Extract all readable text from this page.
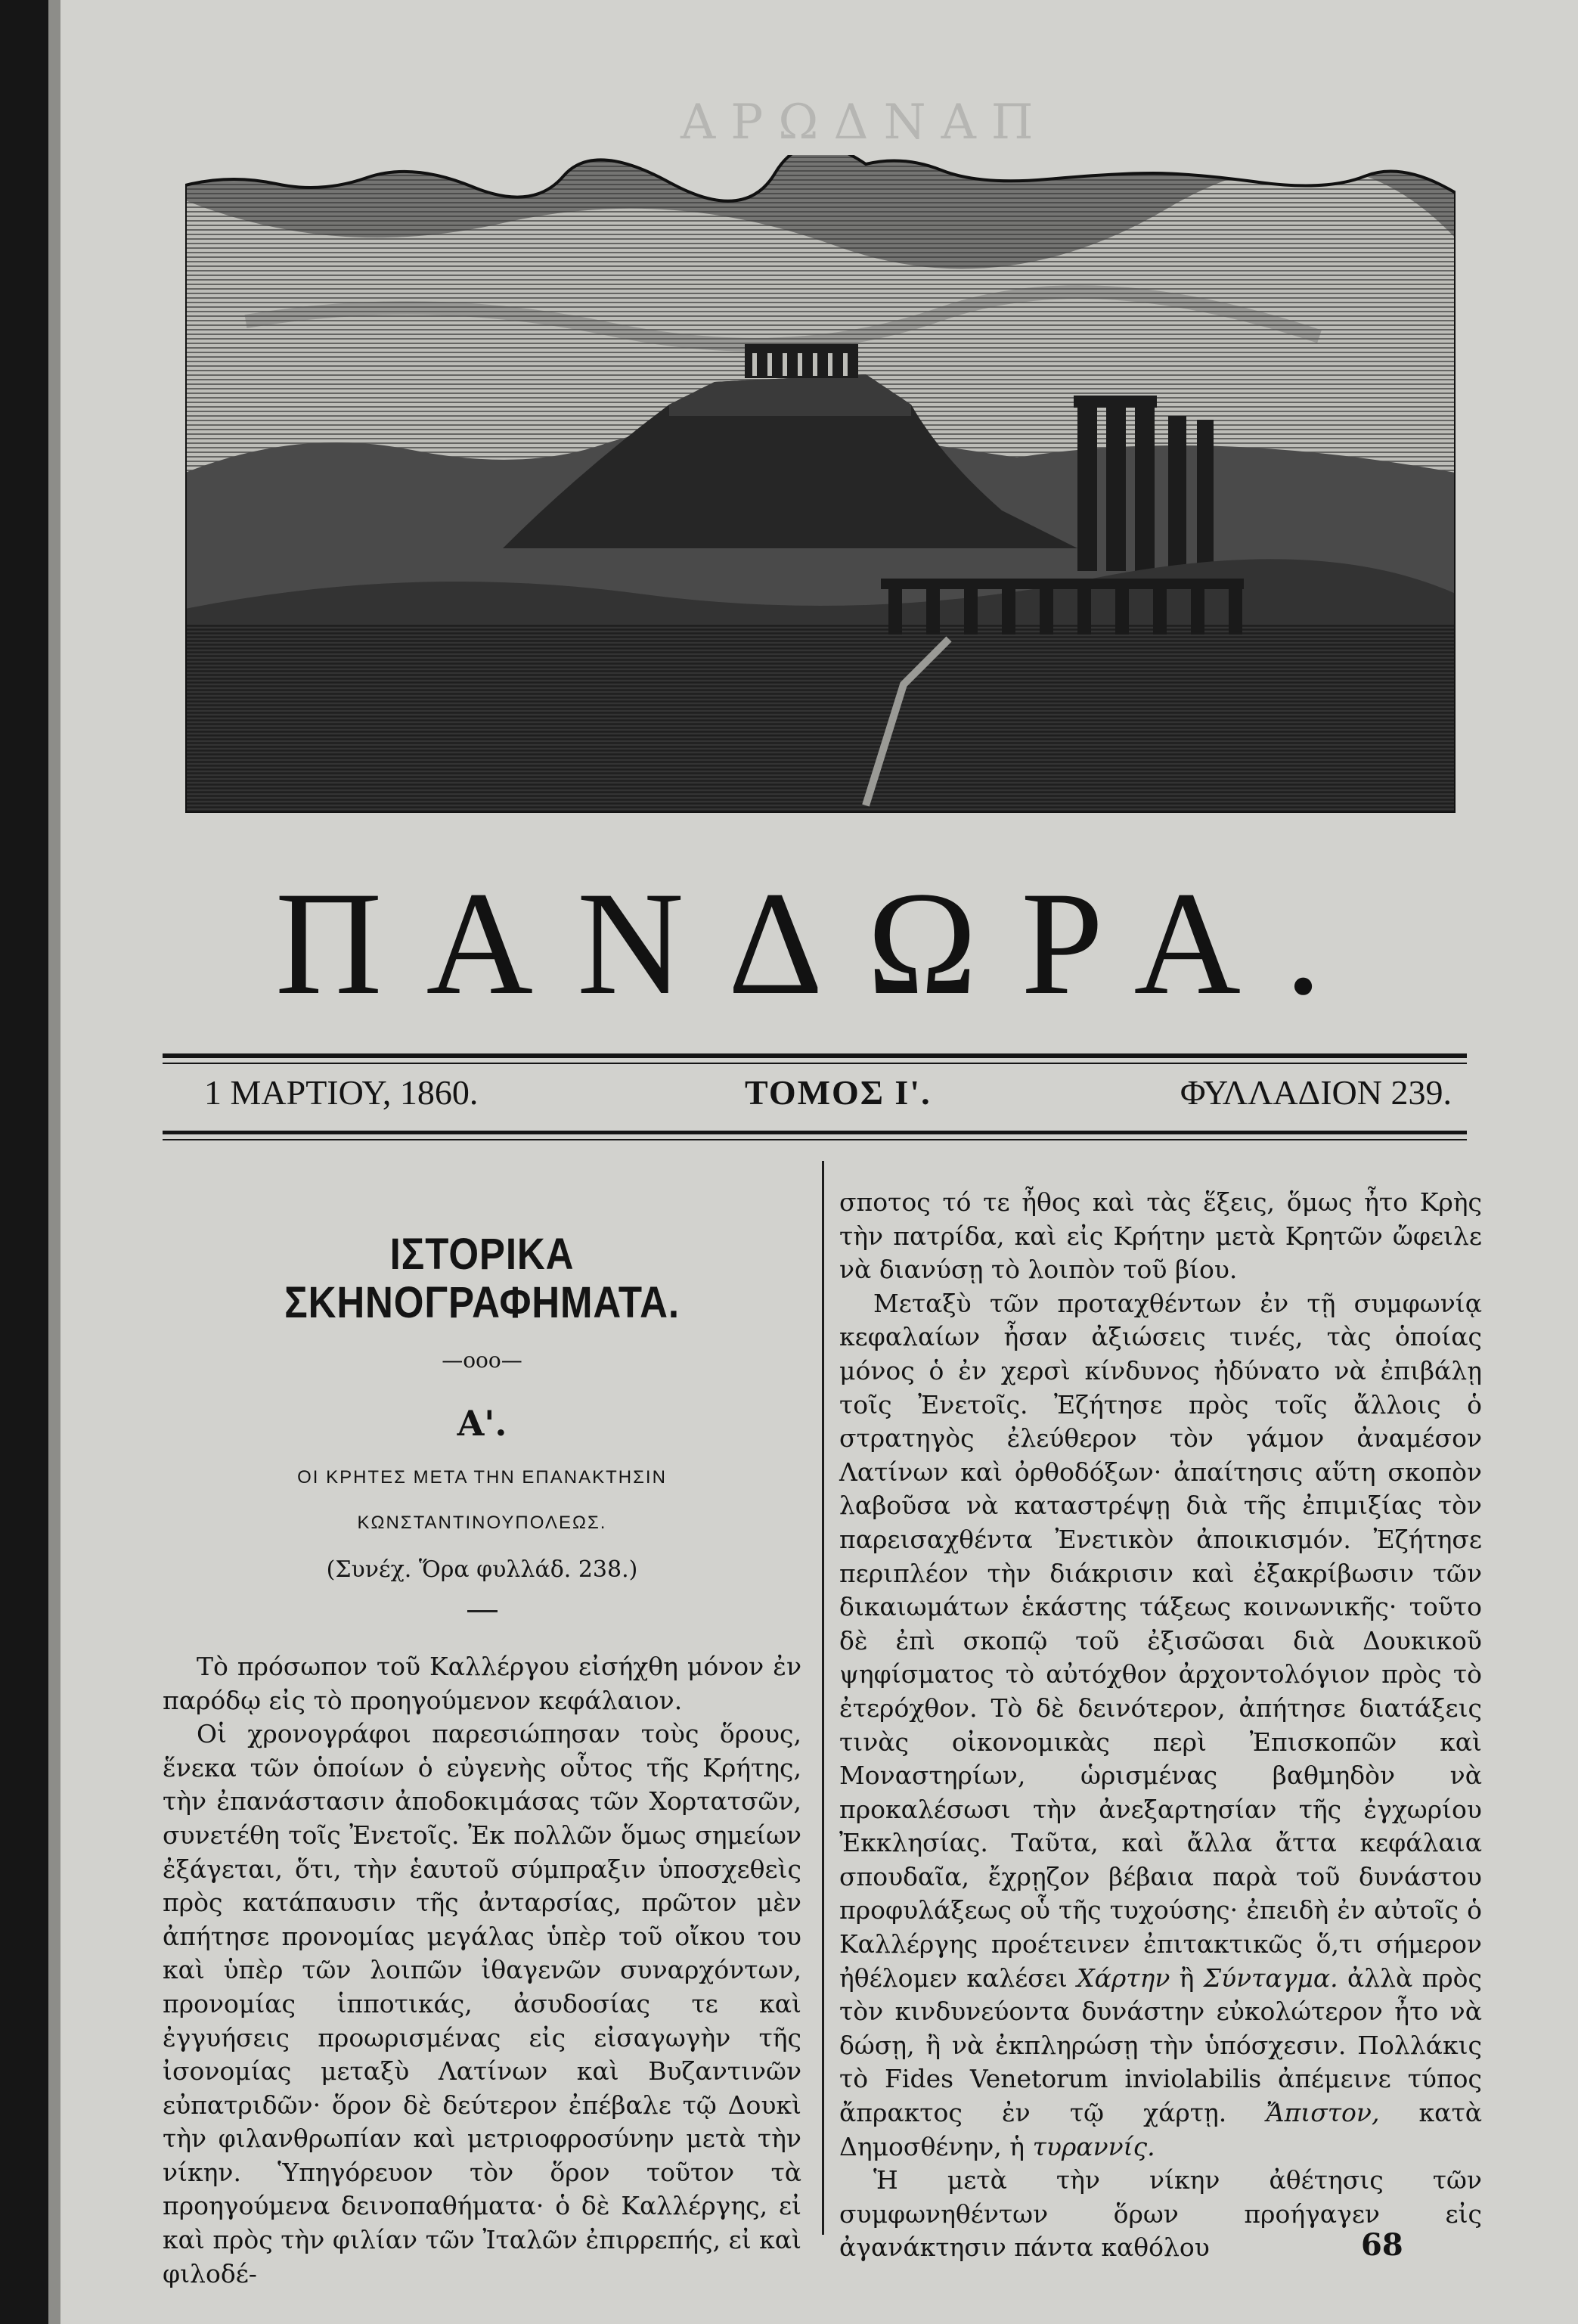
ΑΡΩΔΝΑΠ
ΠΑΝΔΩΡΑ.
1 ΜΑΡΤΙΟΥ, 1860.	ΤΟΜΟΣ Ι'.	ΦΥΛΛΑΔΙΟΝ 239.
ΙΣΤΟΡΙΚΑ ΣΚΗΝΟΓΡΑΦΗΜΑΤΑ.
—οοο—
Α'.
ΟΙ ΚΡΗΤΕΣ ΜΕΤΑ ΤΗΝ ΕΠΑΝΑΚΤΗΣΙΝ
ΚΩΝΣΤΑΝΤΙΝΟΥΠΟΛΕΩΣ.
(Συνέχ. Ὅρα φυλλάδ. 238.)

Τὸ πρόσωπον τοῦ Καλλέργου εἰσήχθη μόνον ἐν παρόδῳ εἰς τὸ προηγούμενον κεφάλαιον.

Οἱ χρονογράφοι παρεσιώπησαν τοὺς ὅρους, ἕνεκα τῶν ὁποίων ὁ εὐγενὴς οὗτος τῆς Κρήτης, τὴν ἐπανάστασιν ἀποδοκιμάσας τῶν Χορτατσῶν, συνετέθη τοῖς Ἐνετοῖς. Ἐκ πολλῶν ὅμως σημείων ἐξάγεται, ὅτι, τὴν ἑαυτοῦ σύμπραξιν ὑποσχεθεὶς πρὸς κατάπαυσιν τῆς ἀνταρσίας, πρῶτον μὲν ἀπήτησε προνομίας μεγάλας ὑπὲρ τοῦ οἴκου του καὶ ὑπὲρ τῶν λοιπῶν ἰθαγενῶν συναρχόντων, προνομίας ἱπποτικάς, ἀσυδοσίας τε καὶ ἐγγυήσεις προωρισμένας εἰς εἰσαγωγὴν τῆς ἰσονομίας μεταξὺ Λατίνων καὶ Βυζαντινῶν εὐπατριδῶν· ὅρον δὲ δεύτερον ἐπέβαλε τῷ Δουκὶ τὴν φιλανθρωπίαν καὶ μετριοφροσύνην μετὰ τὴν νίκην. Ὑπηγόρευον τὸν ὅρον τοῦτον τὰ προηγούμενα δεινοπαθήματα· ὁ δὲ Καλλέργης, εἰ καὶ πρὸς τὴν φιλίαν τῶν Ἰταλῶν ἐπιρρεπής, εἰ καὶ φιλοδέ-

σποτος τό τε ἦθος καὶ τὰς ἕξεις, ὅμως ἦτο Κρὴς τὴν πατρίδα, καὶ εἰς Κρήτην μετὰ Κρητῶν ὤφειλε νὰ διανύσῃ τὸ λοιπὸν τοῦ βίου.

Μεταξὺ τῶν προταχθέντων ἐν τῇ συμφωνίᾳ κεφαλαίων ἦσαν ἀξιώσεις τινές, τὰς ὁποίας μόνος ὁ ἐν χερσὶ κίνδυνος ἠδύνατο νὰ ἐπιβάλῃ τοῖς Ἐνετοῖς. Ἐζήτησε πρὸς τοῖς ἄλλοις ὁ στρατηγὸς ἐλεύθερον τὸν γάμον ἀναμέσον Λατίνων καὶ ὀρθοδόξων· ἀπαίτησις αὕτη σκοπὸν λαβοῦσα νὰ καταστρέψῃ διὰ τῆς ἐπιμιξίας τὸν παρεισαχθέντα Ἐνετικὸν ἀποικισμόν. Ἐζήτησε περιπλέον τὴν διάκρισιν καὶ ἐξακρίβωσιν τῶν δικαιωμάτων ἑκάστης τάξεως κοινωνικῆς· τοῦτο δὲ ἐπὶ σκοπῷ τοῦ ἐξισῶσαι διὰ Δουκικοῦ ψηφίσματος τὸ αὐτόχθον ἀρχοντολόγιον πρὸς τὸ ἐτερόχθον. Τὸ δὲ δεινότερον, ἀπήτησε διατάξεις τινὰς οἰκονομικὰς περὶ Ἐπισκοπῶν καὶ Μοναστηρίων, ὡρισμένας βαθμηδὸν νὰ προκαλέσωσι τὴν ἀνεξαρτησίαν τῆς ἐγχωρίου Ἐκκλησίας. Ταῦτα, καὶ ἄλλα ἄττα κεφάλαια σπουδαῖα, ἔχρῃζον βέβαια παρὰ τοῦ δυνάστου προφυλάξεως οὗ τῆς τυχούσης· ἐπειδὴ ἐν αὐτοῖς ὁ Καλλέργης προέτεινεν ἐπιτακτικῶς ὅ,τι σήμερον ἠθέλομεν καλέσει Χάρτην ἢ Σύνταγμα. ἀλλὰ πρὸς τὸν κινδυνεύοντα δυνάστην εὐκολώτερον ἦτο νὰ δώσῃ, ἢ νὰ ἐκπληρώσῃ τὴν ὑπόσχεσιν. Πολλάκις τὸ Fides Venetorum inviolabilis ἀπέμεινε τύπος ἄπρακτος ἐν τῷ χάρτῃ. Ἄπιστον, κατὰ Δημοσθένην, ἡ τυραννίς.

Ἡ μετὰ τὴν νίκην ἀθέτησις τῶν συμφωνηθέντων ὅρων προήγαγεν εἰς ἀγανάκτησιν πάντα καθόλου	68
